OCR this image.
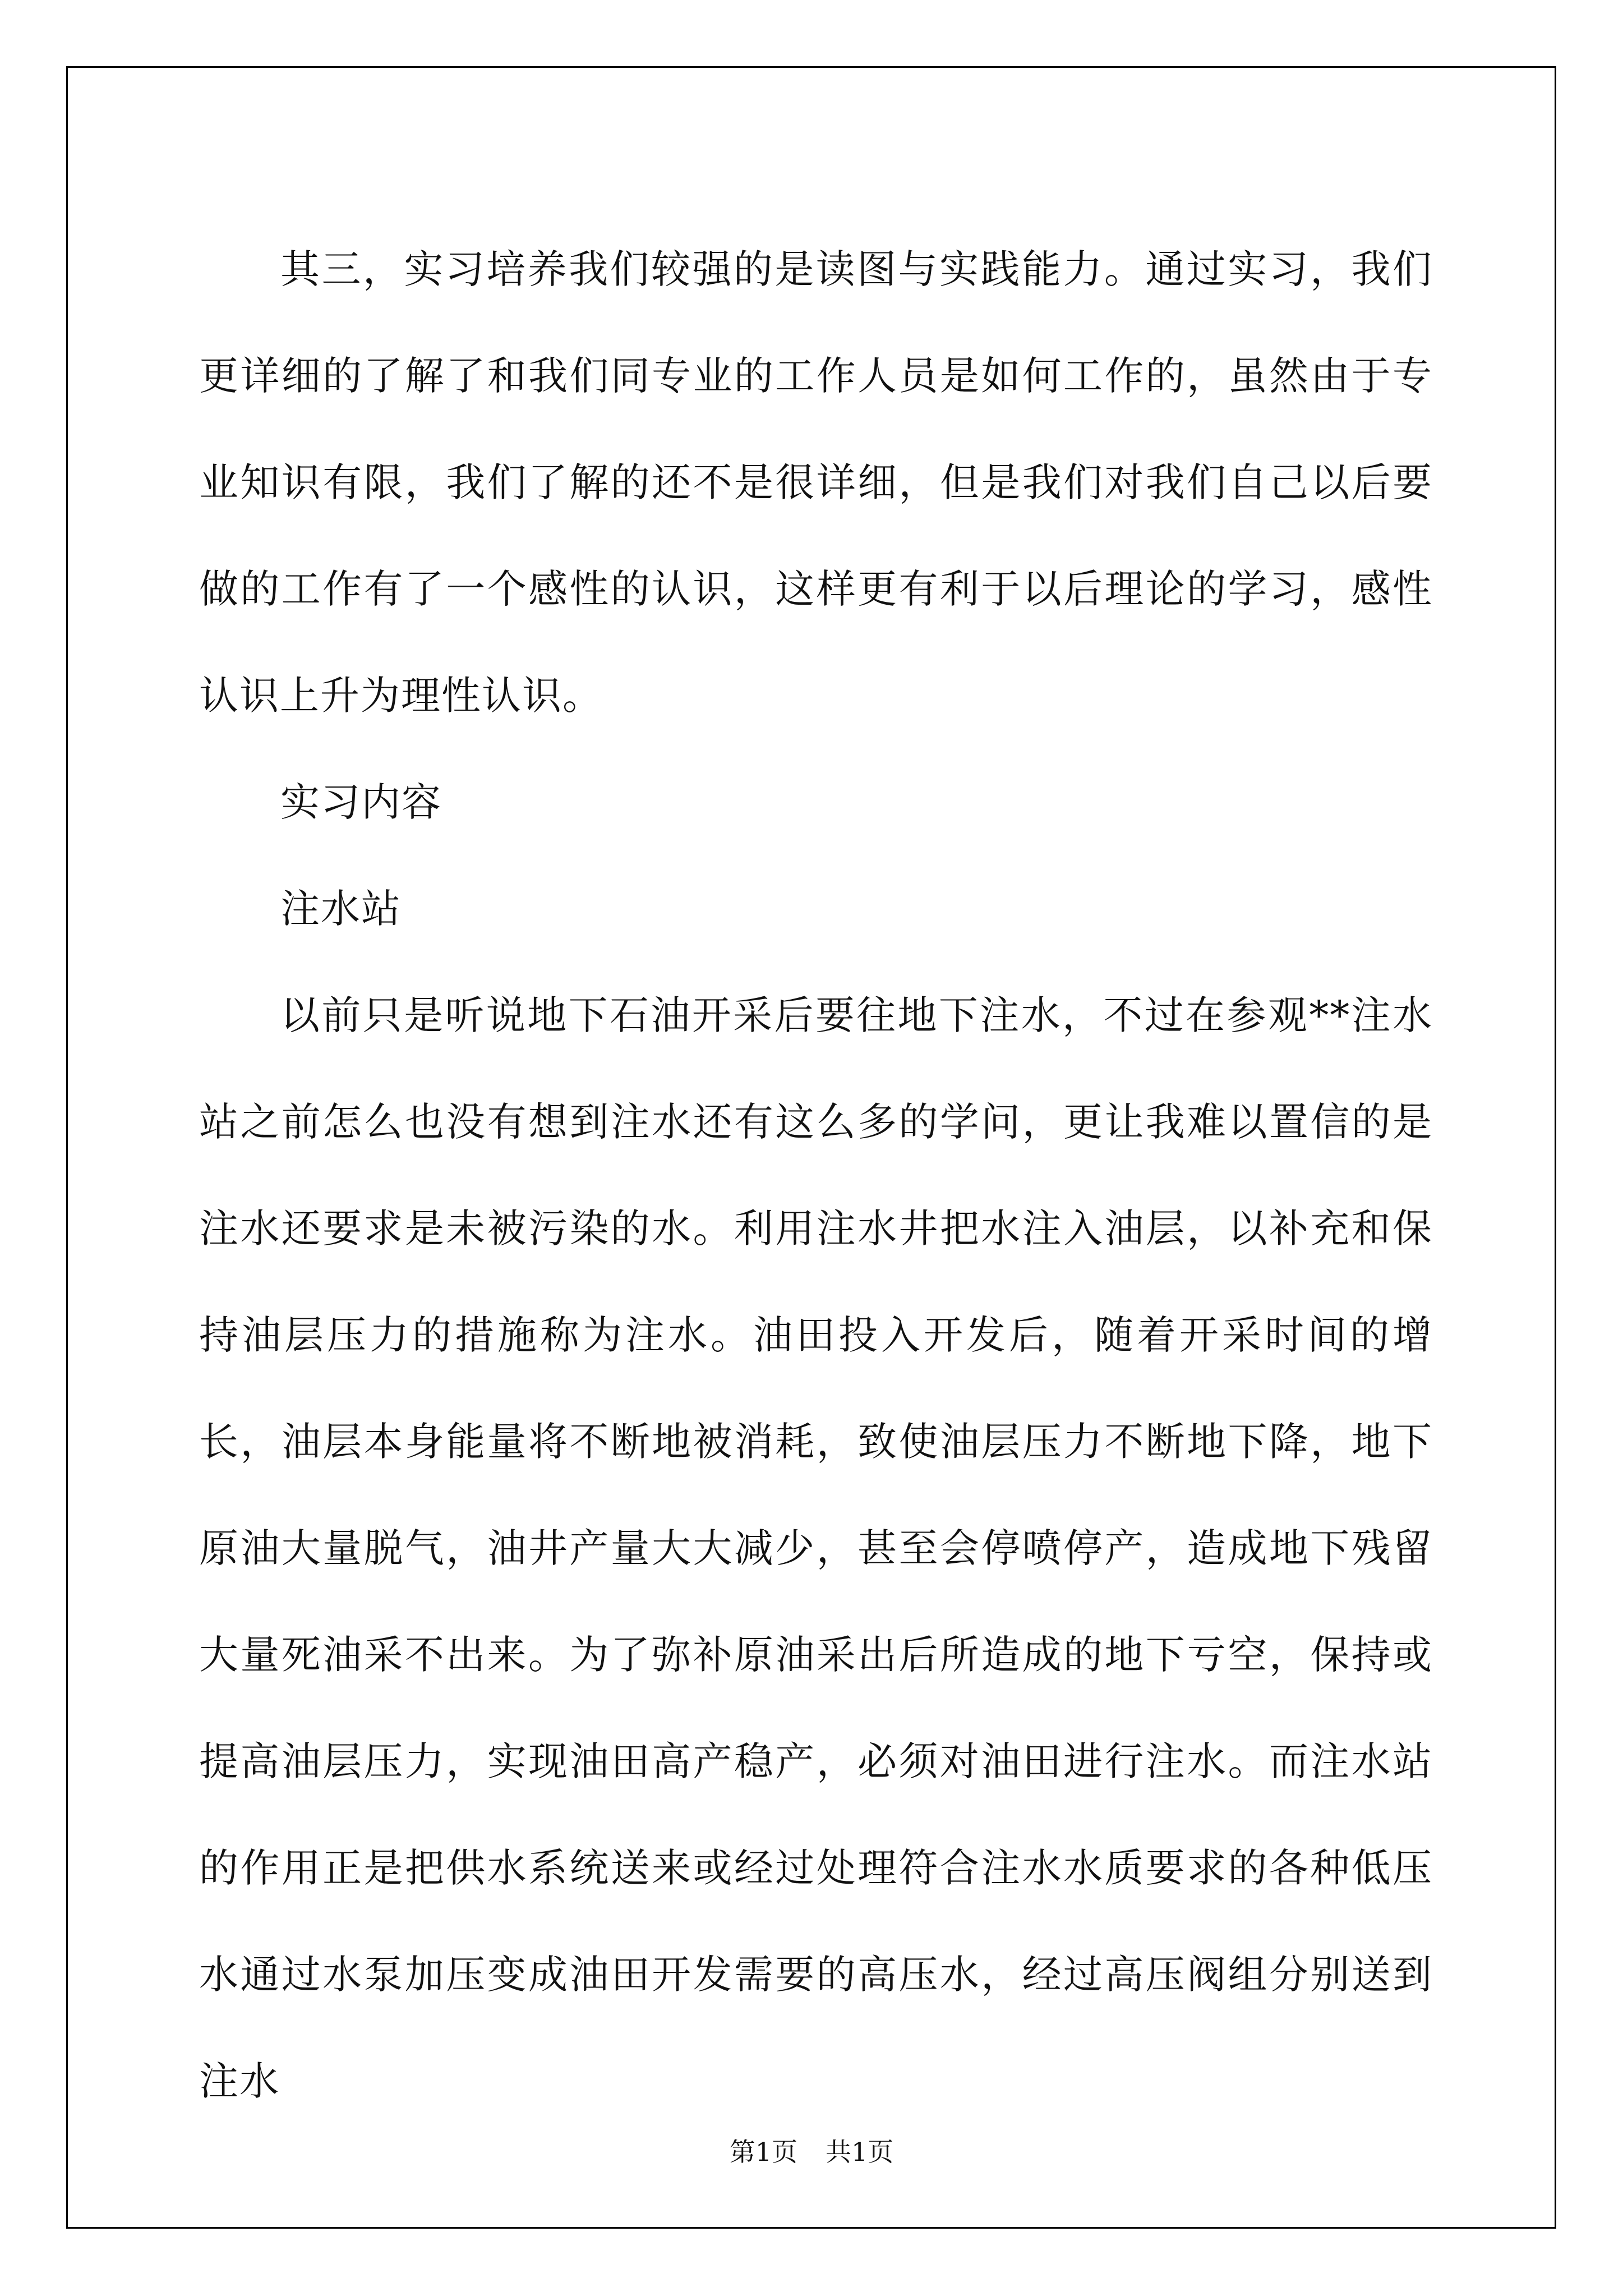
其三，实习培养我们较强的是读图与实践能力。通过实习，我们更详细的了解了和我们同专业的工作人员是如何工作的，虽然由于专业知识有限，我们了解的还不是很详细，但是我们对我们自己以后要做的工作有了一个感性的认识，这样更有利于以后理论的学习，感性认识上升为理性认识。

实习内容

注水站

以前只是听说地下石油开采后要往地下注水，不过在参观**注水站之前怎么也没有想到注水还有这么多的学问，更让我难以置信的是注水还要求是未被污染的水。利用注水井把水注入油层，以补充和保持油层压力的措施称为注水。油田投入开发后，随着开采时间的增长，油层本身能量将不断地被消耗，致使油层压力不断地下降，地下原油大量脱气，油井产量大大减少，甚至会停喷停产，造成地下残留大量死油采不出来。为了弥补原油采出后所造成的地下亏空，保持或提高油层压力，实现油田高产稳产，必须对油田进行注水。而注水站的作用正是把供水系统送来或经过处理符合注水水质要求的各种低压水通过水泵加压变成油田开发需要的高压水，经过高压阀组分别送到注水

第1页 共1页
